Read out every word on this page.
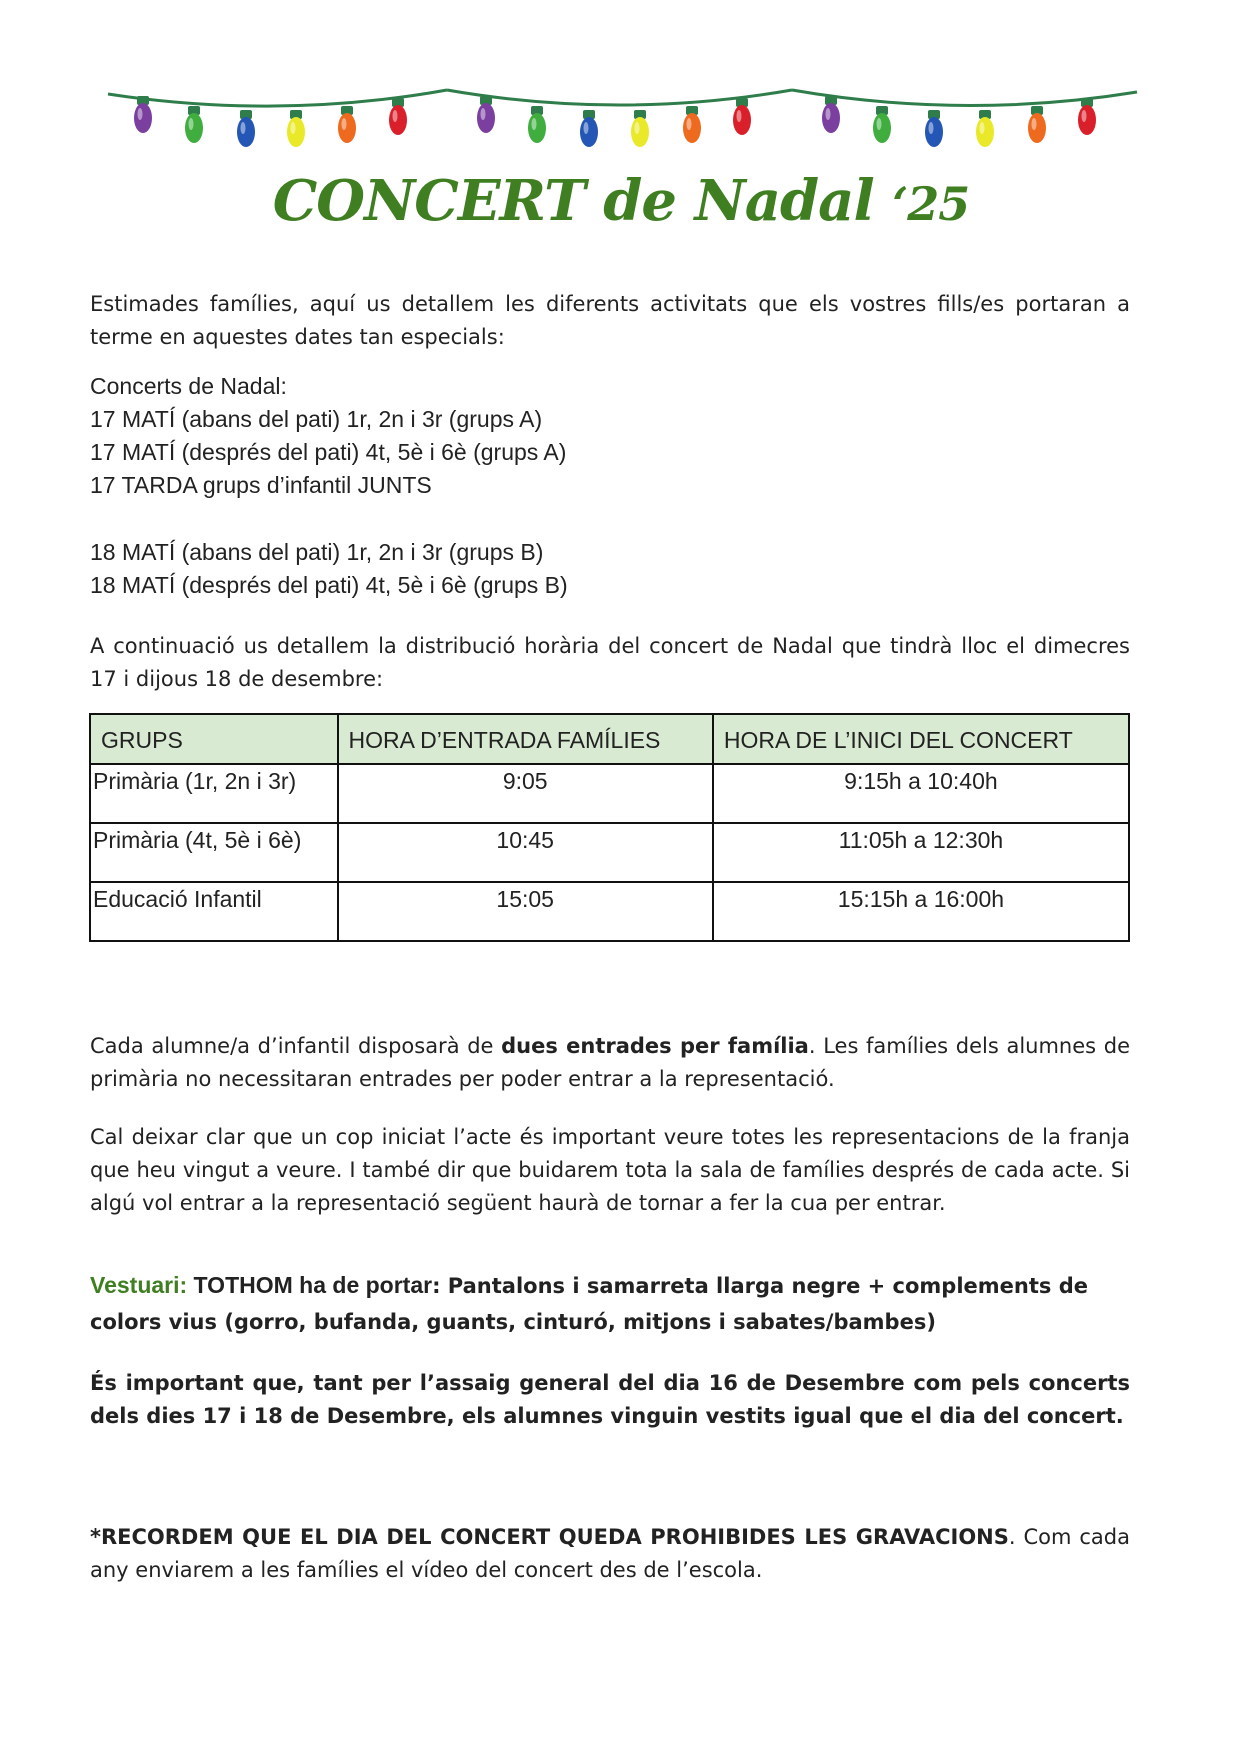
CONCERT de Nadal ‘25
Estimades famílies, aquí us detallem les diferents activitats que els vostres fills/es portaran a terme en aquestes dates tan especials:
Concerts de Nadal:
17 MATÍ (abans del pati) 1r, 2n i 3r (grups A)
17 MATÍ (després del pati) 4t, 5è i 6è (grups A)
17 TARDA grups d’infantil JUNTS
18 MATÍ (abans del pati) 1r, 2n i 3r (grups B)
18 MATÍ (després del pati) 4t, 5è i 6è (grups B)
A continuació us detallem la distribució horària del concert de Nadal que tindrà lloc el dimecres 17 i dijous 18 de desembre:
GRUPS	HORA D’ENTRADA FAMÍLIES	HORA DE L’INICI DEL CONCERT
Primària (1r, 2n i 3r)	9:05	9:15h a 10:40h
Primària (4t, 5è i 6è)	10:45	11:05h a 12:30h
Educació Infantil	15:05	15:15h a 16:00h
Cada alumne/a d’infantil disposarà de dues entrades per família. Les famílies dels alumnes de primària no necessitaran entrades per poder entrar a la representació.
Cal deixar clar que un cop iniciat l’acte és important veure totes les representacions de la franja que heu vingut a veure. I també dir que buidarem tota la sala de famílies després de cada acte. Si algú vol entrar a la representació següent haurà de tornar a fer la cua per entrar.
Vestuari: TOTHOM ha de portar: Pantalons i samarreta llarga negre + complements de colors vius (gorro, bufanda, guants, cinturó, mitjons i sabates/bambes)
És important que, tant per l’assaig general del dia 16 de Desembre com pels concerts dels dies 17 i 18 de Desembre, els alumnes vinguin vestits igual que el dia del concert.
*RECORDEM QUE EL DIA DEL CONCERT QUEDA PROHIBIDES LES GRAVACIONS. Com cada any enviarem a les famílies el vídeo del concert des de l’escola.
